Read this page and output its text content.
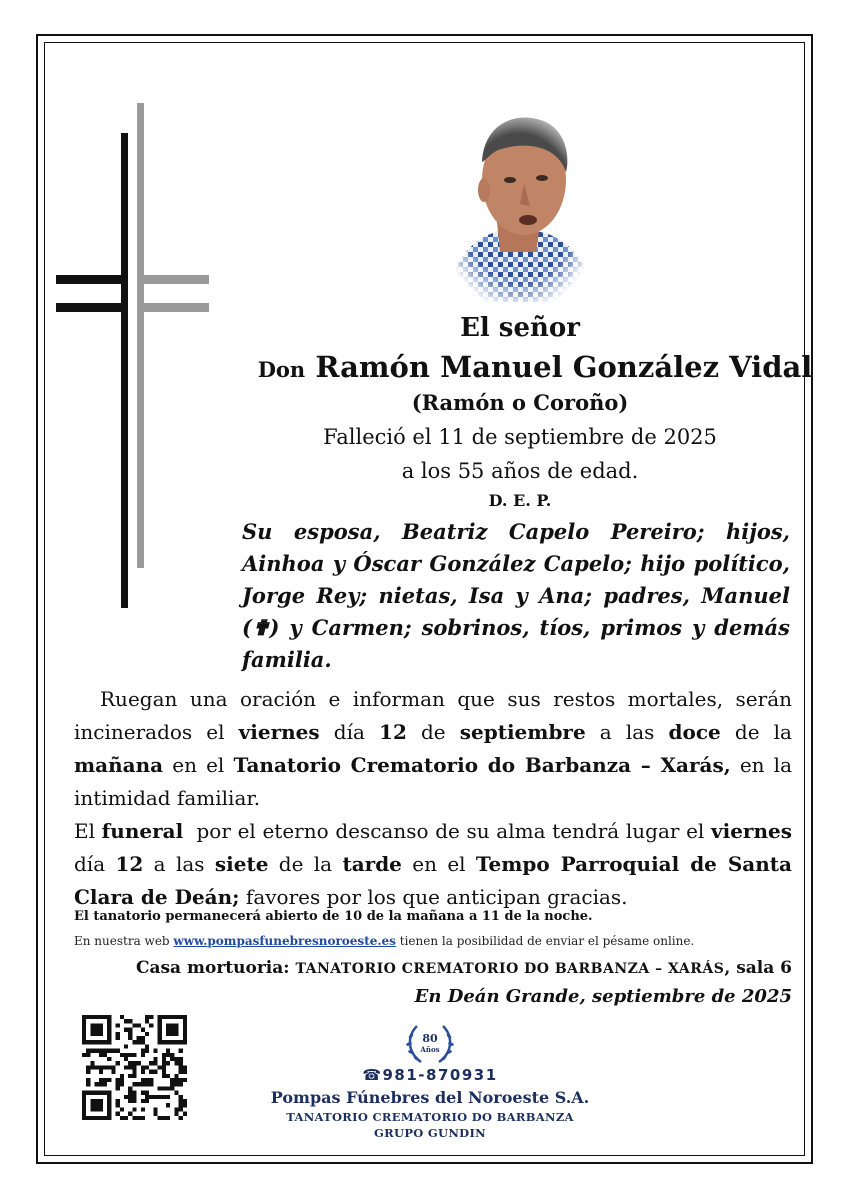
El señor
Don Ramón Manuel González Vidal
(Ramón o Coroño)
Falleció el 11 de septiembre de 2025
a los 55 años de edad.
D. E. P.
Su esposa, Beatriz Capelo Pereiro; hijos, Ainhoa y Óscar González Capelo; hijo político, Jorge Rey; nietas, Isa y Ana; padres, Manuel (✟) y Carmen; sobrinos, tíos, primos y demás familia.

Ruegan una oración e informan que sus restos mortales, serán incinerados el viernes día 12 de septiembre a las doce de la mañana en el Tanatorio Crematorio do Barbanza – Xarás, en la intimidad familiar.

El funeral  por el eterno descanso de su alma tendrá lugar el viernes día 12 a las siete de la tarde en el Tempo Parroquial de Santa Clara de Deán; favores por los que anticipan gracias.

El tanatorio permanecerá abierto de 10 de la mañana a 11 de la noche.
En nuestra web www.pompasfunebresnoroeste.es tienen la posibilidad de enviar el pésame online.
Casa mortuoria: TANATORIO CREMATORIO DO BARBANZA – XARÁS, sala 6
En Deán Grande, septiembre de 2025
80
Años
☎981-870931
Pompas Fúnebres del Noroeste S.A.
TANATORIO CREMATORIO DO BARBANZA
GRUPO GUNDIN
